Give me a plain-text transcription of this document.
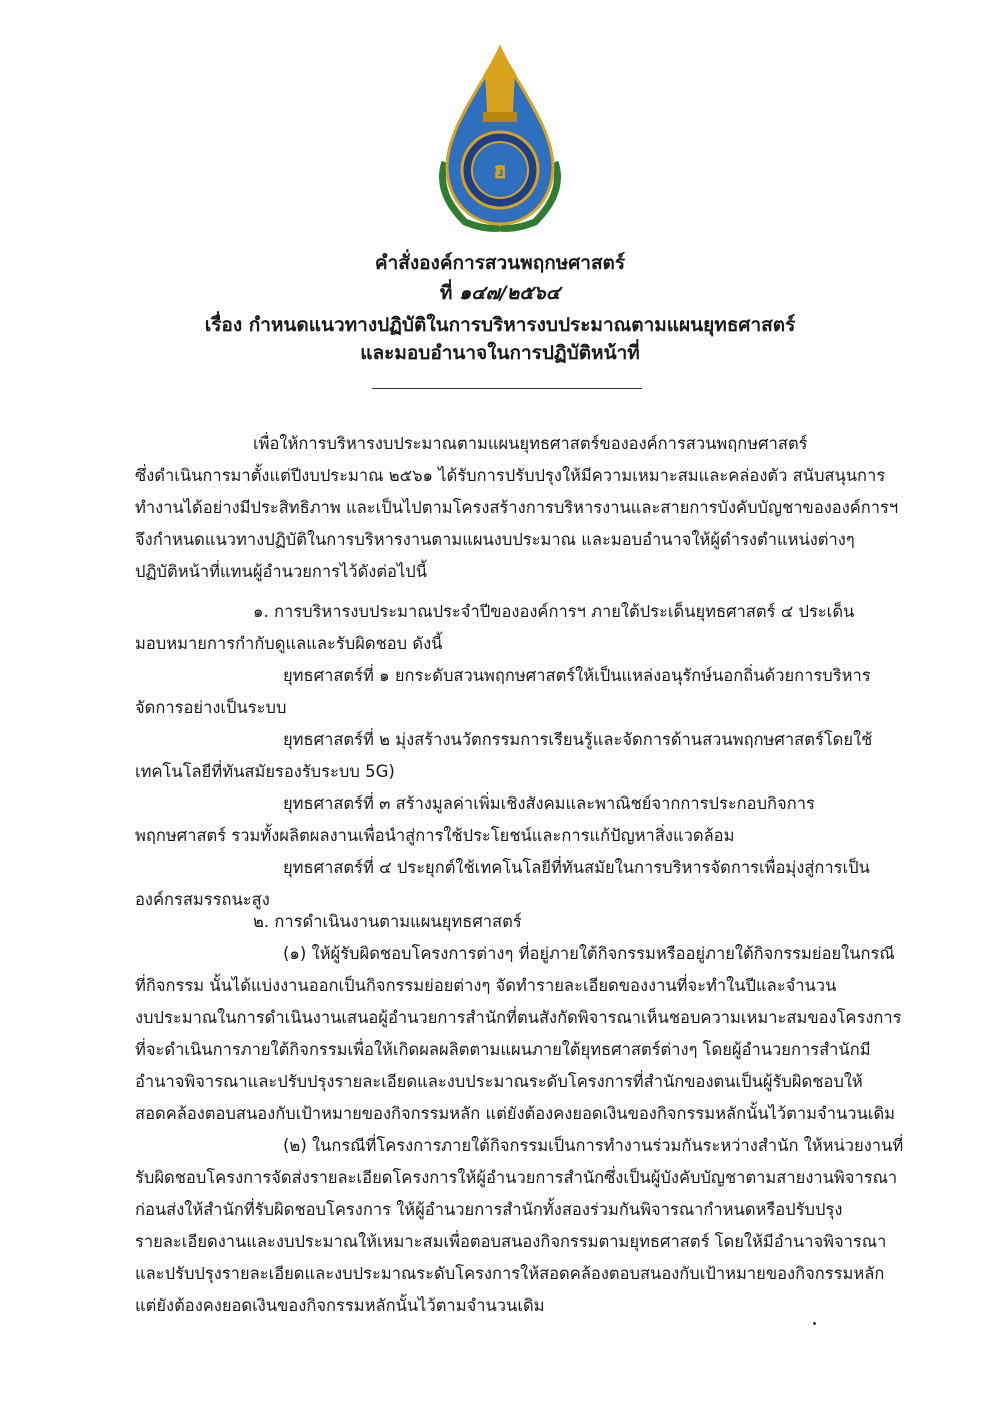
ฮ
คำสั่งองค์การสวนพฤกษศาสตร์
ที่ ๑๔๗/๒๕๖๔
เรื่อง กำหนดแนวทางปฏิบัติในการบริหารงบประมาณตามแผนยุทธศาสตร์
และมอบอำนาจในการปฏิบัติหน้าที่
เพื่อให้การบริหารงบประมาณตามแผนยุทธศาสตร์ขององค์การสวนพฤกษศาสตร์
ซึ่งดำเนินการมาตั้งแต่ปีงบประมาณ ๒๕๖๑ ได้รับการปรับปรุงให้มีความเหมาะสมและคล่องตัว สนับสนุนการ
ทำงานได้อย่างมีประสิทธิภาพ และเป็นไปตามโครงสร้างการบริหารงานและสายการบังคับบัญชาขององค์การฯ
จึงกำหนดแนวทางปฏิบัติในการบริหารงานตามแผนงบประมาณ และมอบอำนาจให้ผู้ดำรงตำแหน่งต่างๆ
ปฏิบัติหน้าที่แทนผู้อำนวยการไว้ดังต่อไปนี้
๑. การบริหารงบประมาณประจำปีขององค์การฯ ภายใต้ประเด็นยุทธศาสตร์ ๔ ประเด็น
มอบหมายการกำกับดูแลและรับผิดชอบ ดังนี้
ยุทธศาสตร์ที่ ๑ ยกระดับสวนพฤกษศาสตร์ให้เป็นแหล่งอนุรักษ์นอกถิ่นด้วยการบริหาร
จัดการอย่างเป็นระบบ
ยุทธศาสตร์ที่ ๒ มุ่งสร้างนวัตกรรมการเรียนรู้และจัดการด้านสวนพฤกษศาสตร์โดยใช้
เทคโนโลยีที่ทันสมัยรองรับระบบ 5G)
ยุทธศาสตร์ที่ ๓ สร้างมูลค่าเพิ่มเชิงสังคมและพาณิชย์จากการประกอบกิจการ
พฤกษศาสตร์ รวมทั้งผลิตผลงานเพื่อนำสู่การใช้ประโยชน์และการแก้ปัญหาสิ่งแวดล้อม
ยุทธศาสตร์ที่ ๔ ประยุกต์ใช้เทคโนโลยีที่ทันสมัยในการบริหารจัดการเพื่อมุ่งสู่การเป็น
องค์กรสมรรถนะสูง
๒. การดำเนินงานตามแผนยุทธศาสตร์
(๑) ให้ผู้รับผิดชอบโครงการต่างๆ ที่อยู่ภายใต้กิจกรรมหรืออยู่ภายใต้กิจกรรมย่อยในกรณี
ที่กิจกรรม นั้นได้แบ่งงานออกเป็นกิจกรรมย่อยต่างๆ จัดทำรายละเอียดของงานที่จะทำในปีและจำนวน
งบประมาณในการดำเนินงานเสนอผู้อำนวยการสำนักที่ตนสังกัดพิจารณาเห็นชอบความเหมาะสมของโครงการ
ที่จะดำเนินการภายใต้กิจกรรมเพื่อให้เกิดผลผลิตตามแผนภายใต้ยุทธศาสตร์ต่างๆ โดยผู้อำนวยการสำนักมี
อำนาจพิจารณาและปรับปรุงรายละเอียดและงบประมาณระดับโครงการที่สำนักของตนเป็นผู้รับผิดชอบให้
สอดคล้องตอบสนองกับเป้าหมายของกิจกรรมหลัก แต่ยังต้องคงยอดเงินของกิจกรรมหลักนั้นไว้ตามจำนวนเดิม
(๒) ในกรณีที่โครงการภายใต้กิจกรรมเป็นการทำงานร่วมกันระหว่างสำนัก ให้หน่วยงานที่
รับผิดชอบโครงการจัดส่งรายละเอียดโครงการให้ผู้อำนวยการสำนักซึ่งเป็นผู้บังคับบัญชาตามสายงานพิจารณา
ก่อนส่งให้สำนักที่รับผิดชอบโครงการ ให้ผู้อำนวยการสำนักทั้งสองร่วมกันพิจารณากำหนดหรือปรับปรุง
รายละเอียดงานและงบประมาณให้เหมาะสมเพื่อตอบสนองกิจกรรมตามยุทธศาสตร์ โดยให้มีอำนาจพิจารณา
และปรับปรุงรายละเอียดและงบประมาณระดับโครงการให้สอดคล้องตอบสนองกับเป้าหมายของกิจกรรมหลัก
แต่ยังต้องคงยอดเงินของกิจกรรมหลักนั้นไว้ตามจำนวนเดิม
